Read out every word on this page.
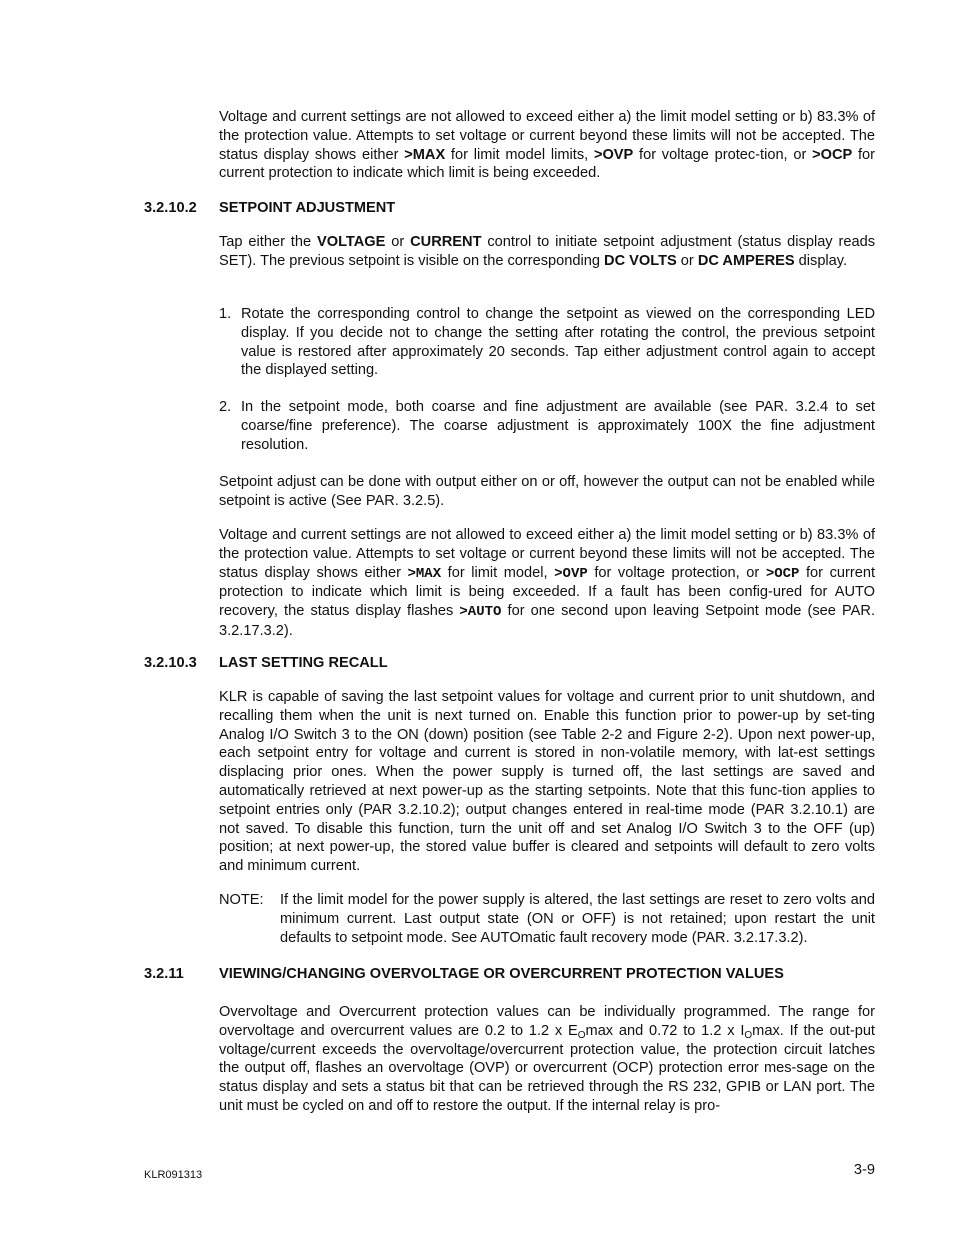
Voltage and current settings are not allowed to exceed either a) the limit model setting or b) 83.3% of the protection value. Attempts to set voltage or current beyond these limits will not be accepted. The status display shows either >MAX for limit model limits, >OVP for voltage protec-tion, or >OCP for current protection to indicate which limit is being exceeded.

3.2.10.2 SETPOINT ADJUSTMENT

Tap either the VOLTAGE or CURRENT control to initiate setpoint adjustment (status display reads SET). The previous setpoint is visible on the corresponding DC VOLTS or DC AMPERES display.

1. Rotate the corresponding control to change the setpoint as viewed on the corresponding LED display. If you decide not to change the setting after rotating the control, the previous setpoint value is restored after approximately 20 seconds. Tap either adjustment control again to accept the displayed setting.

2. In the setpoint mode, both coarse and fine adjustment are available (see PAR. 3.2.4 to set coarse/fine preference). The coarse adjustment is approximately 100X the fine adjustment resolution.

Setpoint adjust can be done with output either on or off, however the output can not be enabled while setpoint is active (See PAR. 3.2.5).

Voltage and current settings are not allowed to exceed either a) the limit model setting or b) 83.3% of the protection value. Attempts to set voltage or current beyond these limits will not be accepted. The status display shows either >MAX for limit model, >OVP for voltage protection, or >OCP for current protection to indicate which limit is being exceeded. If a fault has been config-ured for AUTO recovery, the status display flashes >AUTO for one second upon leaving Setpoint mode (see PAR. 3.2.17.3.2).

3.2.10.3 LAST SETTING RECALL

KLR is capable of saving the last setpoint values for voltage and current prior to unit shutdown, and recalling them when the unit is next turned on. Enable this function prior to power-up by set-ting Analog I/O Switch 3 to the ON (down) position (see Table 2-2 and Figure 2-2). Upon next power-up, each setpoint entry for voltage and current is stored in non-volatile memory, with lat-est settings displacing prior ones. When the power supply is turned off, the last settings are saved and automatically retrieved at next power-up as the starting setpoints. Note that this func-tion applies to setpoint entries only (PAR 3.2.10.2); output changes entered in real-time mode (PAR 3.2.10.1) are not saved. To disable this function, turn the unit off and set Analog I/O Switch 3 to the OFF (up) position; at next power-up, the stored value buffer is cleared and setpoints will default to zero volts and minimum current.

NOTE: If the limit model for the power supply is altered, the last settings are reset to zero volts and minimum current. Last output state (ON or OFF) is not retained; upon restart the unit defaults to setpoint mode. See AUTOmatic fault recovery mode (PAR. 3.2.17.3.2).

3.2.11 VIEWING/CHANGING OVERVOLTAGE OR OVERCURRENT PROTECTION VALUES

Overvoltage and Overcurrent protection values can be individually programmed. The range for overvoltage and overcurrent values are 0.2 to 1.2 x $E_O\max$ and 0.72 to 1.2 x $I_O\max$. If the out-put voltage/current exceeds the overvoltage/overcurrent protection value, the protection circuit latches the output off, flashes an overvoltage (OVP) or overcurrent (OCP) protection error mes-sage on the status display and sets a status bit that can be retrieved through the RS 232, GPIB or LAN port. The unit must be cycled on and off to restore the output. If the internal relay is pro-

KLR091313	3-9
